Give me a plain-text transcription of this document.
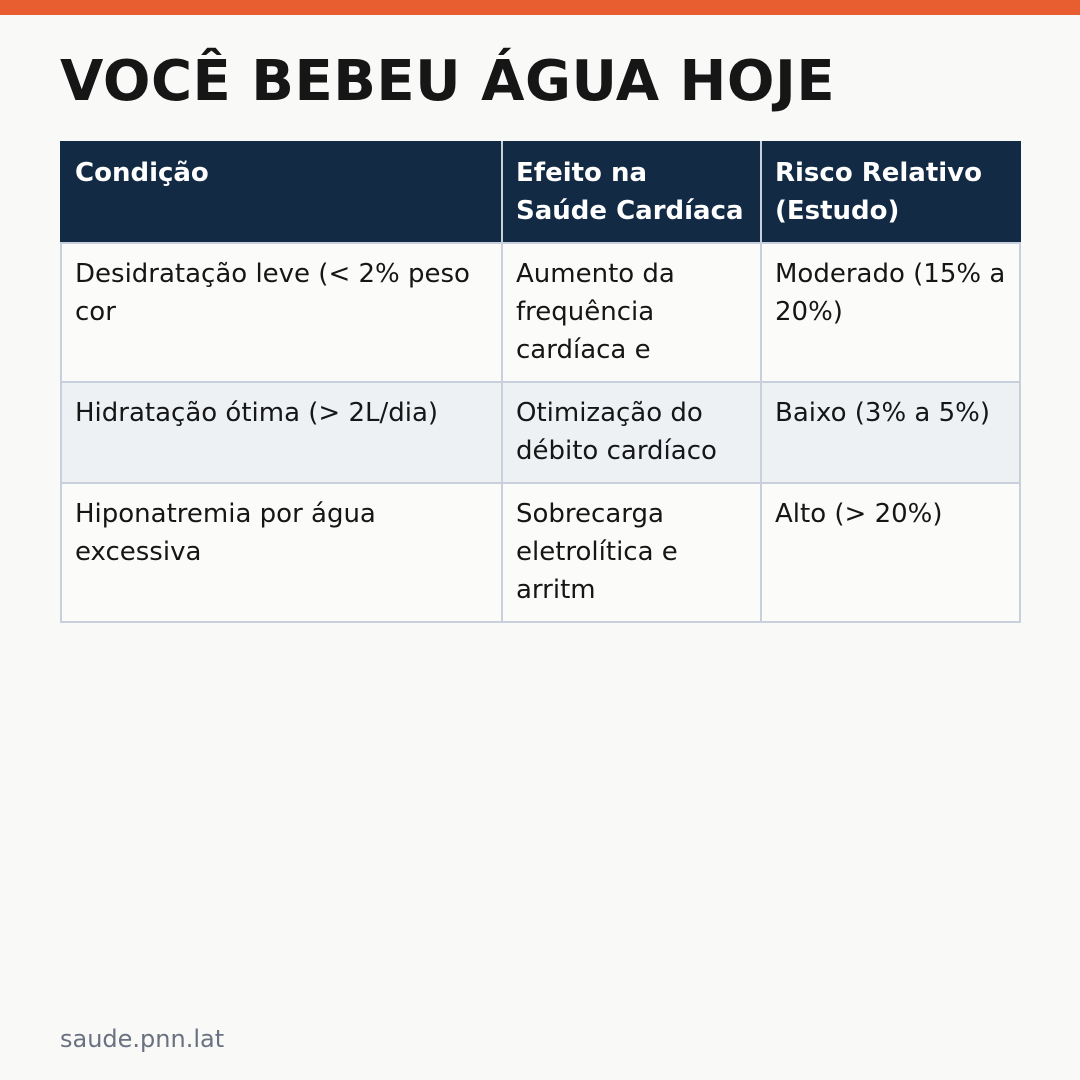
VOCÊ BEBEU ÁGUA HOJE
Condição	Efeito na Saúde Cardíaca	Risco Relativo (Estudo)
Desidratação leve (< 2% peso cor	Aumento da frequência cardíaca e	Moderado (15% a 20%)
Hidratação ótima (> 2L/dia)	Otimização do débito cardíaco	Baixo (3% a 5%)
Hiponatremia por água excessiva	Sobrecarga eletrolítica e arritm	Alto (> 20%)
saude.pnn.lat
